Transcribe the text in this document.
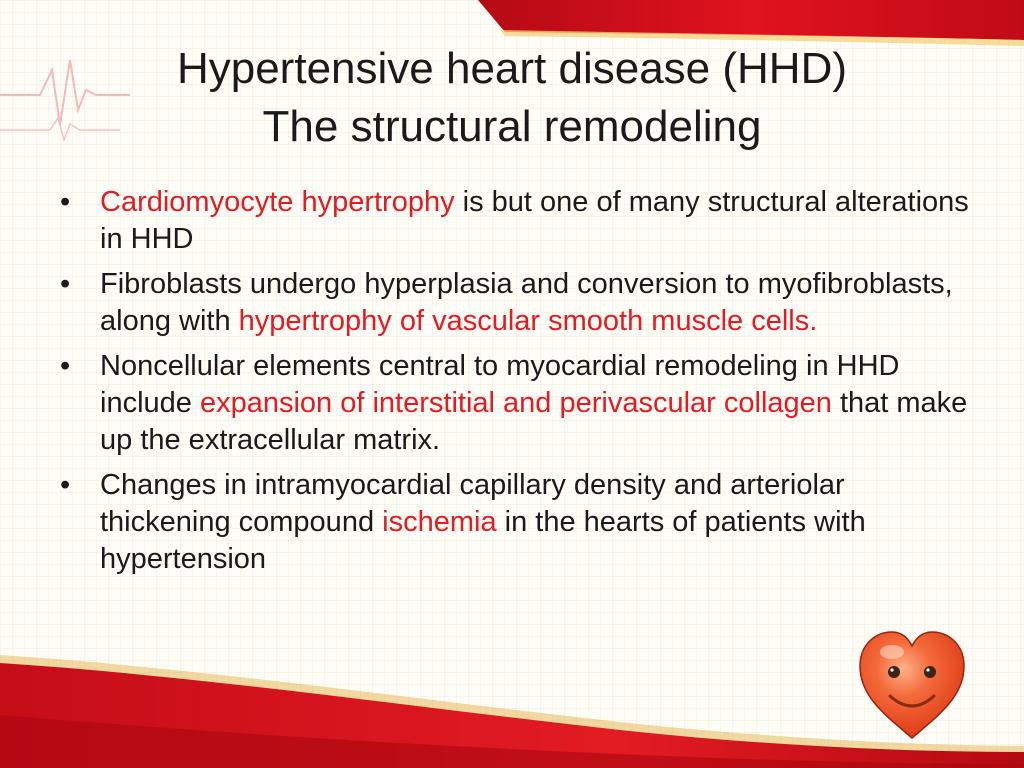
Hypertensive heart disease (HHD)
The structural remodeling
•	Cardiomyocyte hypertrophy is but one of many structural alterations in HHD
•	Fibroblasts undergo hyperplasia and conversion to myofibroblasts, along with hypertrophy of vascular smooth muscle cells.
•	Noncellular elements central to myocardial remodeling in HHD include expansion of interstitial and perivascular collagen that make up the extracellular matrix.
•	Changes in intramyocardial capillary density and arteriolar thickening compound ischemia in the hearts of patients with hypertension
